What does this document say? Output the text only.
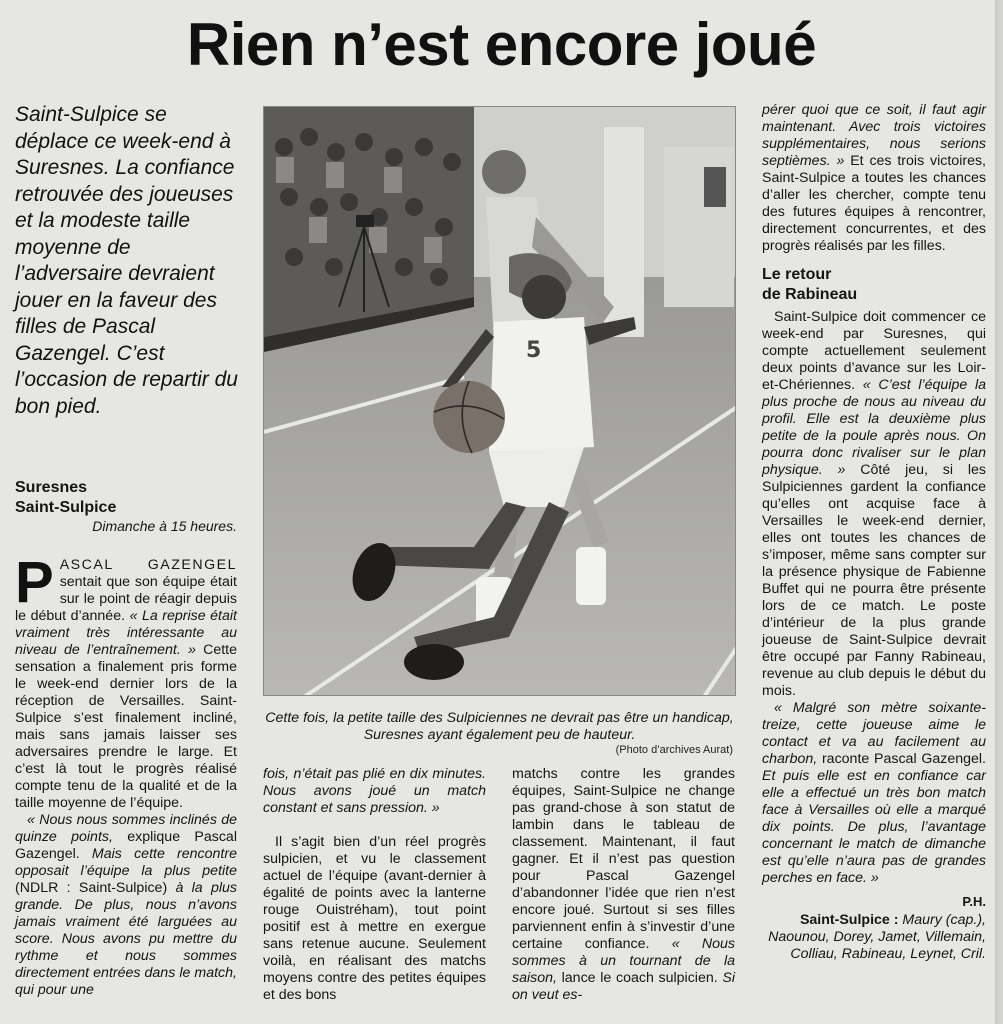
Rien n’est encore joué
Saint-Sulpice se déplace ce week-end à Suresnes. La confiance retrouvée des joueuses et la modeste taille moyenne de l’adversaire devraient jouer en la faveur des filles de Pascal Gazengel. C’est l’occasion de repartir du bon pied.
Suresnes
Saint-Sulpice
Dimanche à 15 heures.

PASCAL GAZENGEL sentait que son équipe était sur le point de réagir depuis le début d’année. « La reprise était vraiment très intéressante au niveau de l’entraînement. » Cette sensation a finalement pris forme le week-end dernier lors de la réception de Versailles. Saint-Sulpice s’est finalement incliné, mais sans jamais laisser ses adversaires prendre le large. Et c’est là tout le progrès réalisé compte tenu de la qualité et de la taille moyenne de l’équipe.

« Nous nous sommes inclinés de quinze points, explique Pascal Gazengel. Mais cette rencontre opposait l’équipe la plus petite (NDLR : Saint-Sulpice) à la plus grande. De plus, nous n’avons jamais vraiment été larguées au score. Nous avons pu mettre du rythme et nous sommes directement entrées dans le match, qui pour une

5
Cette fois, la petite taille des Sulpiciennes ne devrait pas être un handicap, Suresnes ayant également peu de hauteur.
(Photo d’archives Aurat)

fois, n’était pas plié en dix minutes. Nous avons joué un match constant et sans pression. »

Il s’agit bien d’un réel progrès sulpicien, et vu le classement actuel de l’équipe (avant-dernier à égalité de points avec la lanterne rouge Ouistréham), tout point positif est à mettre en exergue sans retenue aucune. Seulement voilà, en réalisant des matchs moyens contre des petites équipes et des bons

matchs contre les grandes équipes, Saint-Sulpice ne change pas grand-chose à son statut de lambin dans le tableau de classement. Maintenant, il faut gagner. Et il n’est pas question pour Pascal Gazengel d’abandonner l’idée que rien n’est encore joué. Surtout si ses filles parviennent enfin à s’investir d’une certaine confiance. « Nous sommes à un tournant de la saison, lance le coach sulpicien. Si on veut es-

pérer quoi que ce soit, il faut agir maintenant. Avec trois victoires supplémentaires, nous serions septièmes. » Et ces trois victoires, Saint-Sulpice a toutes les chances d’aller les chercher, compte tenu des futures équipes à rencontrer, directement concurrentes, et des progrès réalisés par les filles.

Le retour
de Rabineau

Saint-Sulpice doit commencer ce week-end par Suresnes, qui compte actuellement seulement deux points d’avance sur les Loir-et-Chériennes. « C’est l’équipe la plus proche de nous au niveau du profil. Elle est la deuxième plus petite de la poule après nous. On pourra donc rivaliser sur le plan physique. » Côté jeu, si les Sulpiciennes gardent la confiance qu’elles ont acquise face à Versailles le week-end dernier, elles ont toutes les chances de s’imposer, même sans compter sur la présence physique de Fabienne Buffet qui ne pourra être présente lors de ce match. Le poste d’intérieur de la plus grande joueuse de Saint-Sulpice devrait être occupé par Fanny Rabineau, revenue au club depuis le début du mois.

« Malgré son mètre soixante-treize, cette joueuse aime le contact et va au facilement au charbon, raconte Pascal Gazengel. Et puis elle est en confiance car elle a effectué un très bon match face à Versailles où elle a marqué dix points. De plus, l’avantage concernant le match de dimanche est qu’elle n’aura pas de grandes perches en face. »

P.H.

Saint-Sulpice : Maury (cap.), Naounou, Dorey, Jamet, Villemain, Colliau, Rabineau, Leynet, Cril.
